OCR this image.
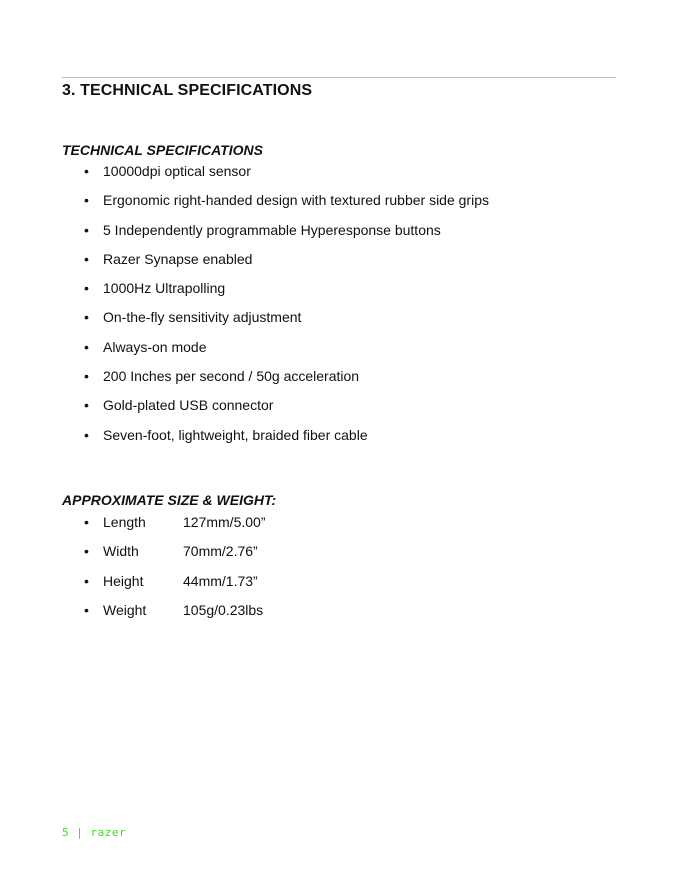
3. TECHNICAL SPECIFICATIONS
TECHNICAL SPECIFICATIONS
• 10000dpi optical sensor
• Ergonomic right-handed design with textured rubber side grips
• 5 Independently programmable Hyperesponse buttons
• Razer Synapse enabled
• 1000Hz Ultrapolling
• On-the-fly sensitivity adjustment
• Always-on mode
• 200 Inches per second / 50g acceleration
• Gold-plated USB connector
• Seven-foot, lightweight, braided fiber cable
APPROXIMATE SIZE & WEIGHT:
• Length	127mm/5.00”
• Width	70mm/2.76”
• Height	44mm/1.73”
• Weight	105g/0.23lbs
5 | razer
